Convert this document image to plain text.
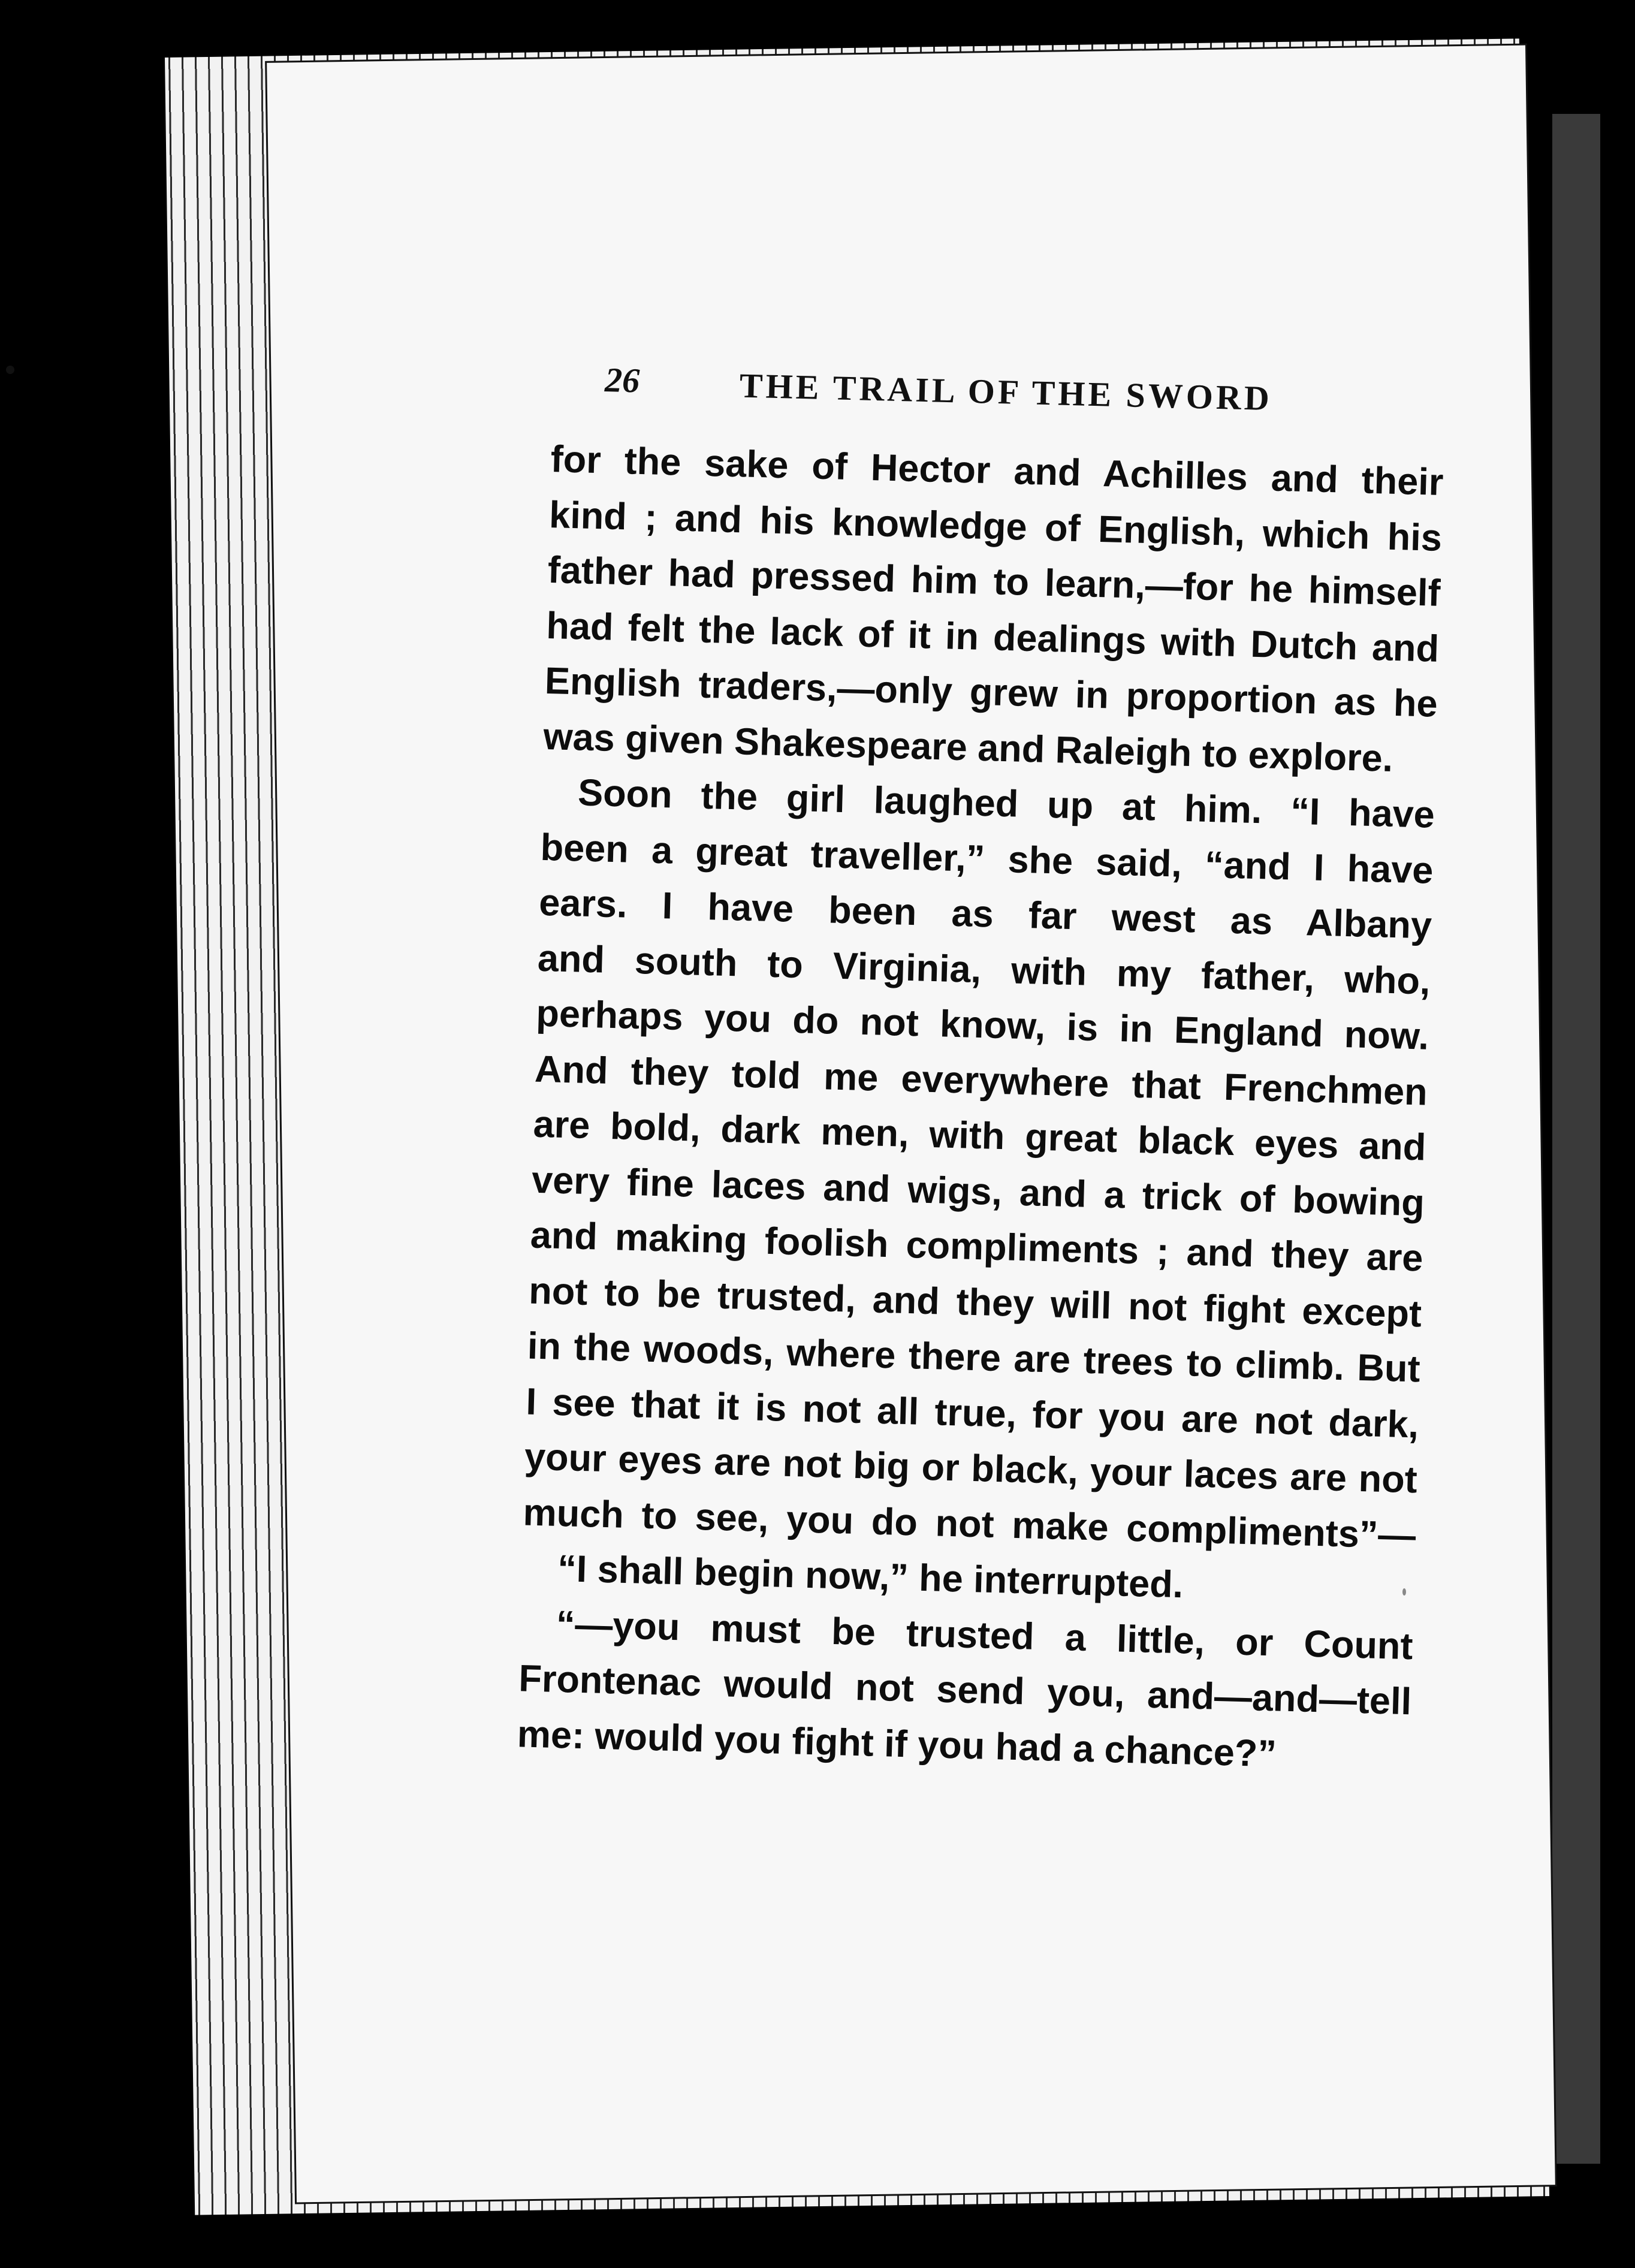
26	THE TRAIL OF THE SWORD
for the sake of Hector and Achilles and their
kind ; and his knowledge of English, which his
father had pressed him to learn,—for he himself
had felt the lack of it in dealings with Dutch and
English traders,—only grew in proportion as he
was given Shakespeare and Raleigh to explore.
Soon the girl laughed up at him. “I have
been a great traveller,” she said, “and I have
ears. I have been as far west as Albany
and south to Virginia, with my father, who,
perhaps you do not know, is in England now.
And they told me everywhere that Frenchmen
are bold, dark men, with great black eyes and
very fine laces and wigs, and a trick of bowing
and making foolish compliments ; and they are
not to be trusted, and they will not fight except
in the woods, where there are trees to climb. But
I see that it is not all true, for you are not dark,
your eyes are not big or black, your laces are not
much to see, you do not make compliments”—
“I shall begin now,” he interrupted.
“—you must be trusted a little, or Count
Frontenac would not send you, and—and—tell
me: would you fight if you had a chance?”
